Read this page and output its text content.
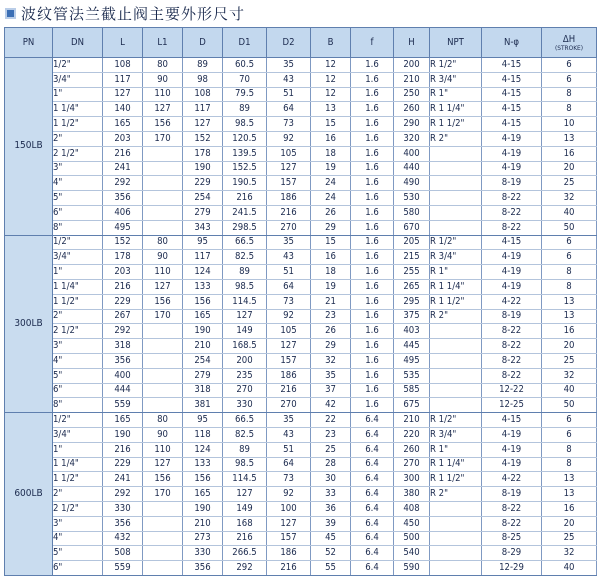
波纹管法兰截止阀主要外形尺寸
PN	DN	L	L1	D	D1	D2	B	f	H	NPT	N-φ	ΔH
(STROKE)

150LB	1/2"	108	80	89	60.5	35	12	1.6	200	R 1/2"	4-15	6
	3/4"	117	90	98	70	43	12	1.6	210	R 3/4"	4-15	6
	1"	127	110	108	79.5	51	12	1.6	250	R 1"	4-15	8
	1 1/4"	140	127	117	89	64	13	1.6	260	R 1 1/4"	4-15	8
	1 1/2"	165	156	127	98.5	73	15	1.6	290	R 1 1/2"	4-15	10
	2"	203	170	152	120.5	92	16	1.6	320	R 2"	4-19	13
	2 1/2"	216		178	139.5	105	18	1.6	400		4-19	16
	3"	241		190	152.5	127	19	1.6	440		4-19	20
	4"	292		229	190.5	157	24	1.6	490		8-19	25
	5"	356		254	216	186	24	1.6	530		8-22	32
	6"	406		279	241.5	216	26	1.6	580		8-22	40
	8"	495		343	298.5	270	29	1.6	670		8-22	50
300LB	1/2"	152	80	95	66.5	35	15	1.6	205	R 1/2"	4-15	6
	3/4"	178	90	117	82.5	43	16	1.6	215	R 3/4"	4-19	6
	1"	203	110	124	89	51	18	1.6	255	R 1"	4-19	8
	1 1/4"	216	127	133	98.5	64	19	1.6	265	R 1 1/4"	4-19	8
	1 1/2"	229	156	156	114.5	73	21	1.6	295	R 1 1/2"	4-22	13
	2"	267	170	165	127	92	23	1.6	375	R 2"	8-19	13
	2 1/2"	292		190	149	105	26	1.6	403		8-22	16
	3"	318		210	168.5	127	29	1.6	445		8-22	20
	4"	356		254	200	157	32	1.6	495		8-22	25
	5"	400		279	235	186	35	1.6	535		8-22	32
	6"	444		318	270	216	37	1.6	585		12-22	40
	8"	559		381	330	270	42	1.6	675		12-25	50
600LB	1/2"	165	80	95	66.5	35	22	6.4	210	R 1/2"	4-15	6
	3/4"	190	90	118	82.5	43	23	6.4	220	R 3/4"	4-19	6
	1"	216	110	124	89	51	25	6.4	260	R 1"	4-19	8
	1 1/4"	229	127	133	98.5	64	28	6.4	270	R 1 1/4"	4-19	8
	1 1/2"	241	156	156	114.5	73	30	6.4	300	R 1 1/2"	4-22	13
	2"	292	170	165	127	92	33	6.4	380	R 2"	8-19	13
	2 1/2"	330		190	149	100	36	6.4	408		8-22	16
	3"	356		210	168	127	39	6.4	450		8-22	20
	4"	432		273	216	157	45	6.4	500		8-25	25
	5"	508		330	266.5	186	52	6.4	540		8-29	32
	6"	559		356	292	216	55	6.4	590		12-29	40
